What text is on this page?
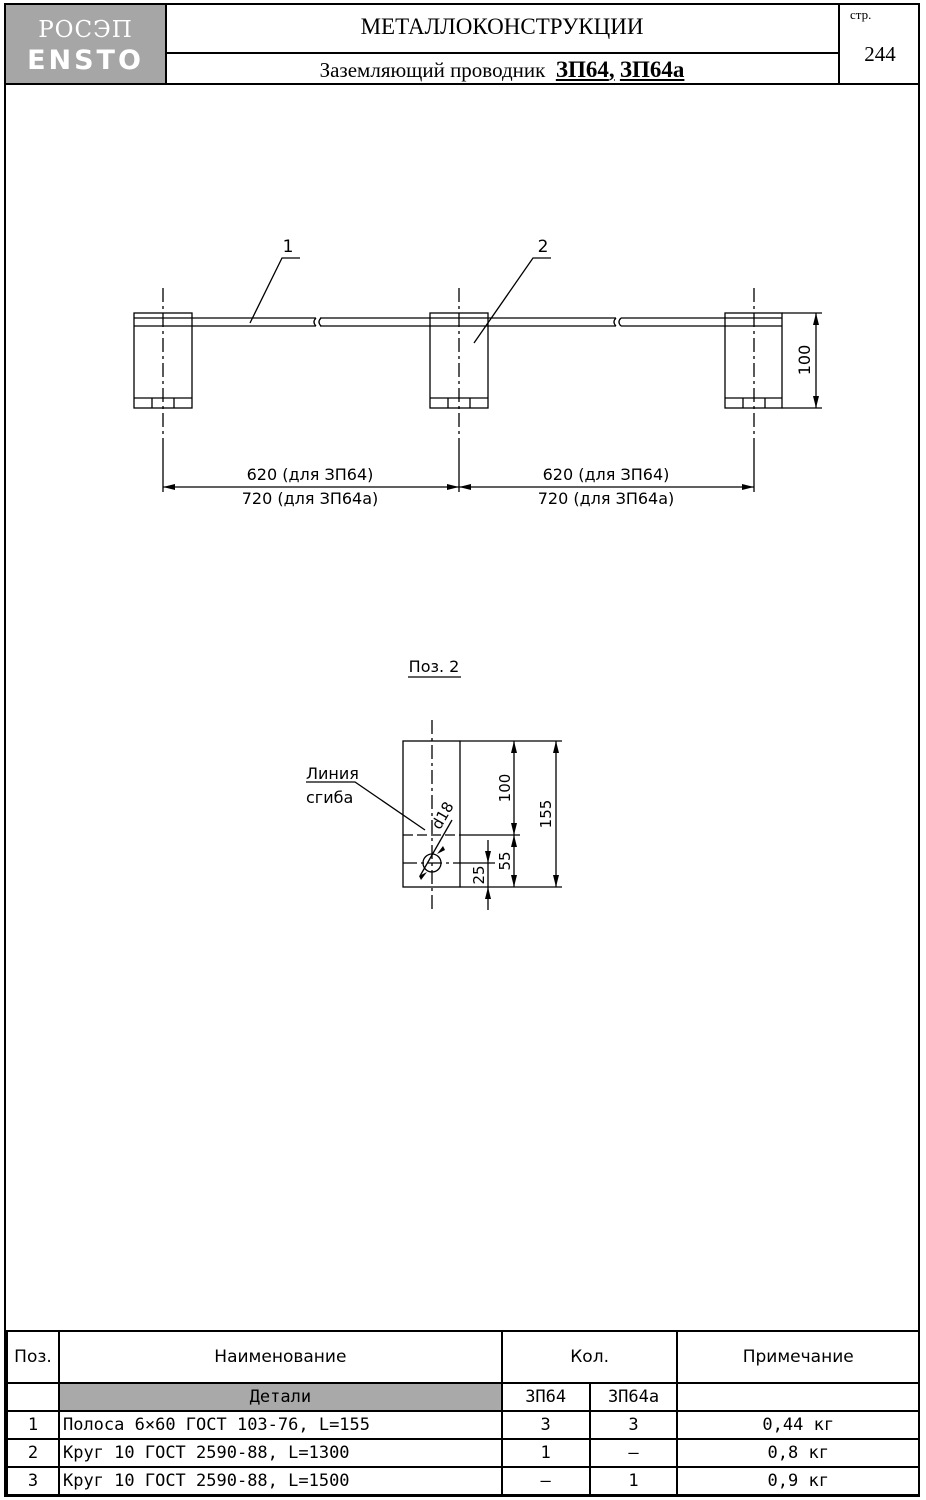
РОСЭП
ENSTO
МЕТАЛЛОКОНСТРУКЦИИ
Заземляющий проводник ЗП64, ЗП64а
стр.
244
1	2
100
620 (для ЗП64)
720 (для ЗП64а)
620 (для ЗП64)
720 (для ЗП64а)
Поз. 2
Линия
сгиба
d18
100
155
55
25
Поз.	Наименование	Кол.		Примечание
	Детали	ЗП64	ЗП64а	
1	Полоса 6×60 ГОСТ 103-76, L=155	3	3	0,44 кг
2	Круг 10 ГОСТ 2590-88, L=1300	1	–	0,8 кг
3	Круг 10 ГОСТ 2590-88, L=1500	–	1	0,9 кг
